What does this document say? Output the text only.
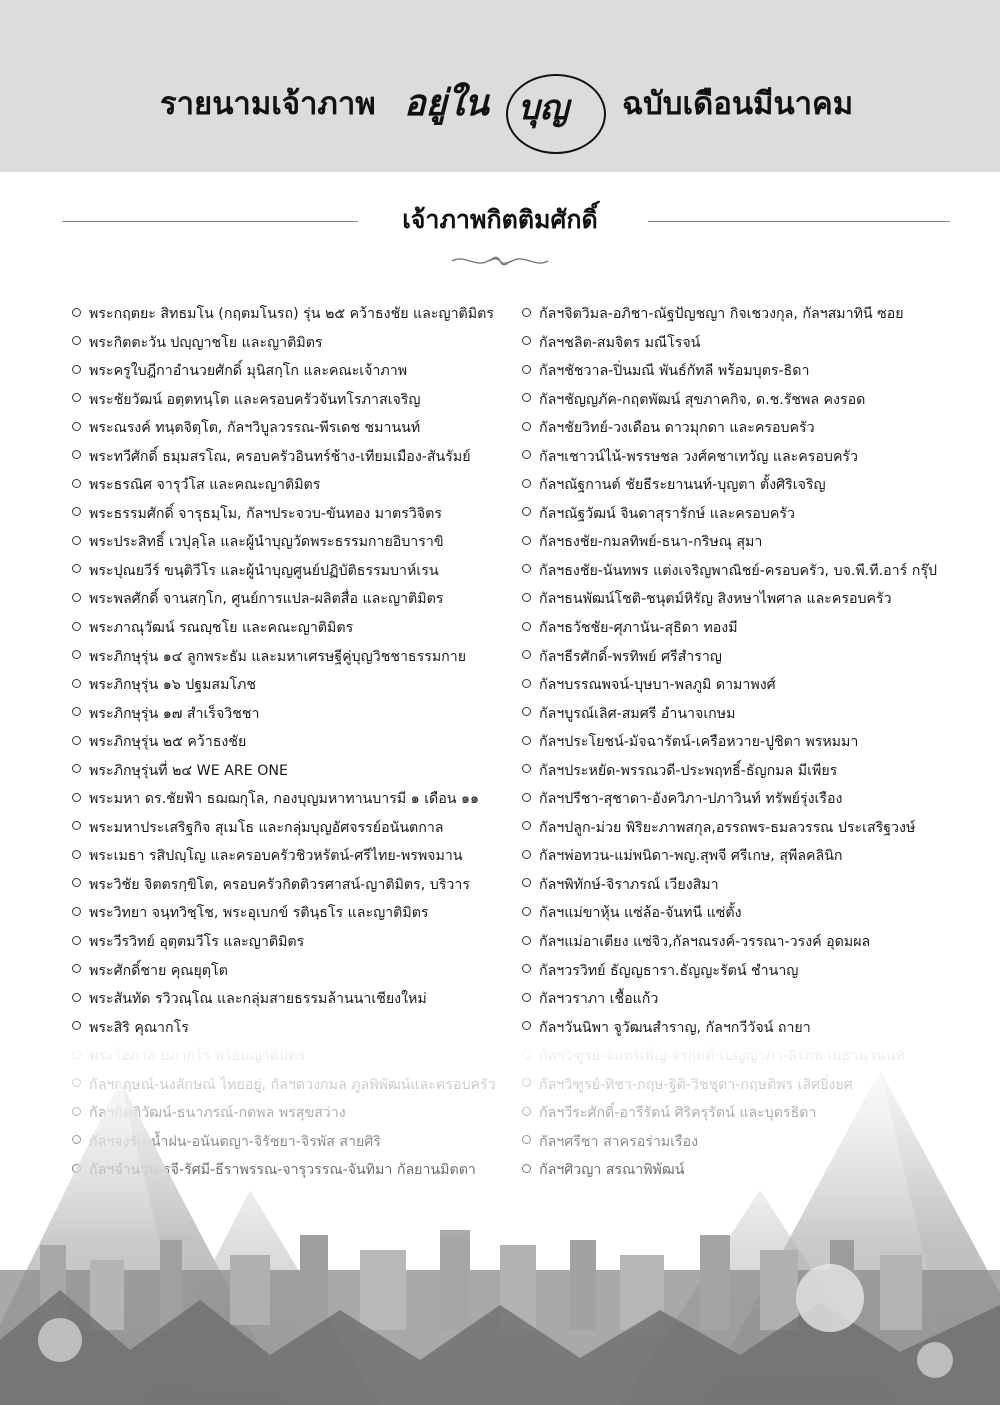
รายนามเจ้าภาพ อยู่ใน บุญ ฉบับเดือนมีนาคม
เจ้าภาพกิตติมศักดิ์
พระกฤตยะ สิทธมโน (กฤตมโนรถ) รุ่น ๒๕ คว้าธงชัย และญาติมิตร
พระกิตตะวัน ปญฺญาชโย และญาติมิตร
พระครูใบฎีกาอำนวยศักดิ์ มุนิสกฺโก และคณะเจ้าภาพ
พระชัยวัฒน์ อตฺตทนฺโต และครอบครัวจันทโรภาสเจริญ
พระณรงค์ ทนฺตจิตฺโต, กัลฯวิบูลวรรณ-พีรเดช ชมานนท์
พระทวีศักดิ์ ธมฺมสรโณ, ครอบครัวอินทร์ช้าง-เทียมเมือง-สันรัมย์
พระธรณิศ จารุวํโส และคณะญาติมิตร
พระธรรมศักดิ์ จารุธมฺโม, กัลฯประจวบ-ขันทอง มาตรวิจิตร
พระประสิทธิ์ เวปุลฺโล และผู้นำบุญวัดพระธรรมกายอิบาราขิ
พระปุณยวีร์ ขนฺติวีโร และผู้นำบุญศูนย์ปฏิบัติธรรมบาห์เรน
พระพลศักดิ์ จานสกฺโก, ศูนย์การแปล-ผลิตสื่อ และญาติมิตร
พระภาณุวัฒน์ รณญฺชโย และคณะญาติมิตร
พระภิกษุรุ่น ๑๔ ลูกพระธัม และมหาเศรษฐีคู่บุญวิชชาธรรมกาย
พระภิกษุรุ่น ๑๖ ปฐมสมโภช
พระภิกษุรุ่น ๑๗ สำเร็จวิชชา
พระภิกษุรุ่น ๒๕ คว้าธงชัย
พระภิกษุรุ่นที่ ๒๔ WE ARE ONE
พระมหา ดร.ชัยฟ้า ธฌฌกุโล, กองบุญมหาทานบารมี ๑ เดือน ๑๑
พระมหาประเสริฐกิจ สุเมโธ และกลุ่มบุญอัศจรรย์อนันตกาล
พระเมธา รสิปญฺโญ และครอบครัวชิวหรัตน์-ศรีไทย-พรพจมาน
พระวิชัย จิตตรกฺขิโต, ครอบครัวกิตติวรศาสน์-ญาติมิตร, บริวาร
พระวิทยา จนฺทวิชฺโช, พระอุเบกข์ รตินฺธโร และญาติมิตร
พระวีรวิทย์ อุตฺตมวีโร และญาติมิตร
พระศักดิ์ชาย คุณยุตฺโต
พระสันทัด รวิวณฺโณ และกลุ่มสายธรรมล้านนาเชียงใหม่
พระสิริ คุณากโร
กัลฯจิตวิมล-อภิชา-ณัฐปัญชญา กิจเชวงกุล, กัลฯสมาทินี ซอย
กัลฯชลิต-สมจิตร มณีโรจน์
กัลฯชัชวาล-ปิ่นมณี พันธ์กัทลี พร้อมบุตร-ธิดา
กัลฯชัญญภัค-กฤตพัฒน์ สุขภาคกิจ, ด.ช.รัชพล คงรอด
กัลฯชัยวิทย์-วงเดือน ดาวมุกดา และครอบครัว
กัลฯเชาวน์ไน้-พรรษชล วงศ์คชาเทวัญ และครอบครัว
กัลฯณัฐกานต์ ชัยธีระยานนท์-บุญตา ตั้งศิริเจริญ
กัลฯณัฐวัฒน์ จินดาสุรารักษ์ และครอบครัว
กัลฯธงชัย-กมลทิพย์-ธนา-กริษณุ สุมา
กัลฯธงชัย-นันทพร แต่งเจริญพาณิชย์-ครอบครัว, บจ.พี.ที.อาร์ กรุ๊ป
กัลฯธนพัฒน์โชติ-ชนุตม์หิรัญ สิงหษาไพศาล และครอบครัว
กัลฯธวัชชัย-ศุภานัน-สุธิดา ทองมี
กัลฯธีรศักดิ์-พรทิพย์ ศรีสำราญ
กัลฯบรรณพจน์-บุษบา-พลภูมิ ดามาพงศ์
กัลฯบูรณ์เลิศ-สมศรี อำนาจเกษม
กัลฯประโยชน์-มัจฉารัตน์-เครือหวาย-ปูชิตา พรหมมา
กัลฯประหยัด-พรรณวดี-ประพฤทธิ์-ธัญกมล มีเพียร
กัลฯปรีชา-สุชาดา-อังควิภา-ปภาวินท์ ทรัพย์รุ่งเรือง
กัลฯปลูก-ม่วย พิริยะภาพสกุล,อรรถพร-ธมลวรรณ ประเสริฐวงษ์
กัลฯพ่อทวน-แม่พนิดา-พญ.สุพจี ศรีเกษ, สุพีลคลินิก
กัลฯพิทักษ์-จิราภรณ์ เวียงสิมา
กัลฯแม่ขาหุ้น แซ่ล้อ-จันทนี แซ่ตั้ง
กัลฯแม่อาเตียง แซ่จิว,กัลฯณรงค์-วรรณา-วรงค์ อุดมผล
กัลฯวรวิทย์ ธัญญธารา.ธัญญะรัตน์ ชำนาญ
กัลฯวราภา เชื้อแก้ว
กัลฯวันนิพา จูวัฒนสำราญ, กัลฯกวีวัจน์ ถายา
